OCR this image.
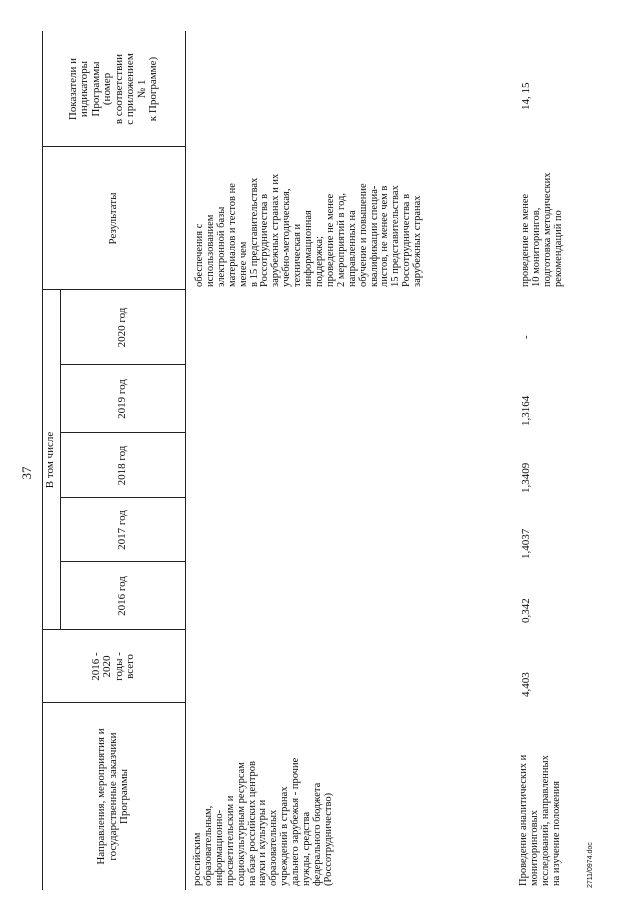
37
Направления, мероприятия и
государственные заказчики
Программы
2016 -
2020
годы -
всего
В том числе
2016 год
2017 год
2018 год
2019 год
2020 год
Результаты
Показатели и
индикаторы
Программы
(номер
в соответствии
с приложением
№ 1
к Программе)
российским
образовательным,
информационно-
просветительским и
социокультурным ресурсам
на базе российских центров
науки и культуры и
образовательных
учреждений в странах
дальнего зарубежья - прочие
нужды, средства
федерального бюджета
(Россотрудничество)
обеспечения с
использованием
электронной базы
материалов и тестов не
менее чем
в 15 представительствах
Россотрудничества в
зарубежных странах и их
учебно-методическая,
техническая и
информационная
поддержка;
проведение не менее
2 мероприятий в год,
направленных на
обучение и повышение
квалификации специа-
листов, не менее чем в
15 представительствах
Россотрудничества в
зарубежных странах
Проведение аналитических и
мониторинговых
исследований, направленных
на изучение положения
4,403
0,342
1,4037
1,3409
1,3164
-
проведение не менее
10 мониторингов,
подготовка методических
рекомендаций по
14, 15
2711/0974.doc
